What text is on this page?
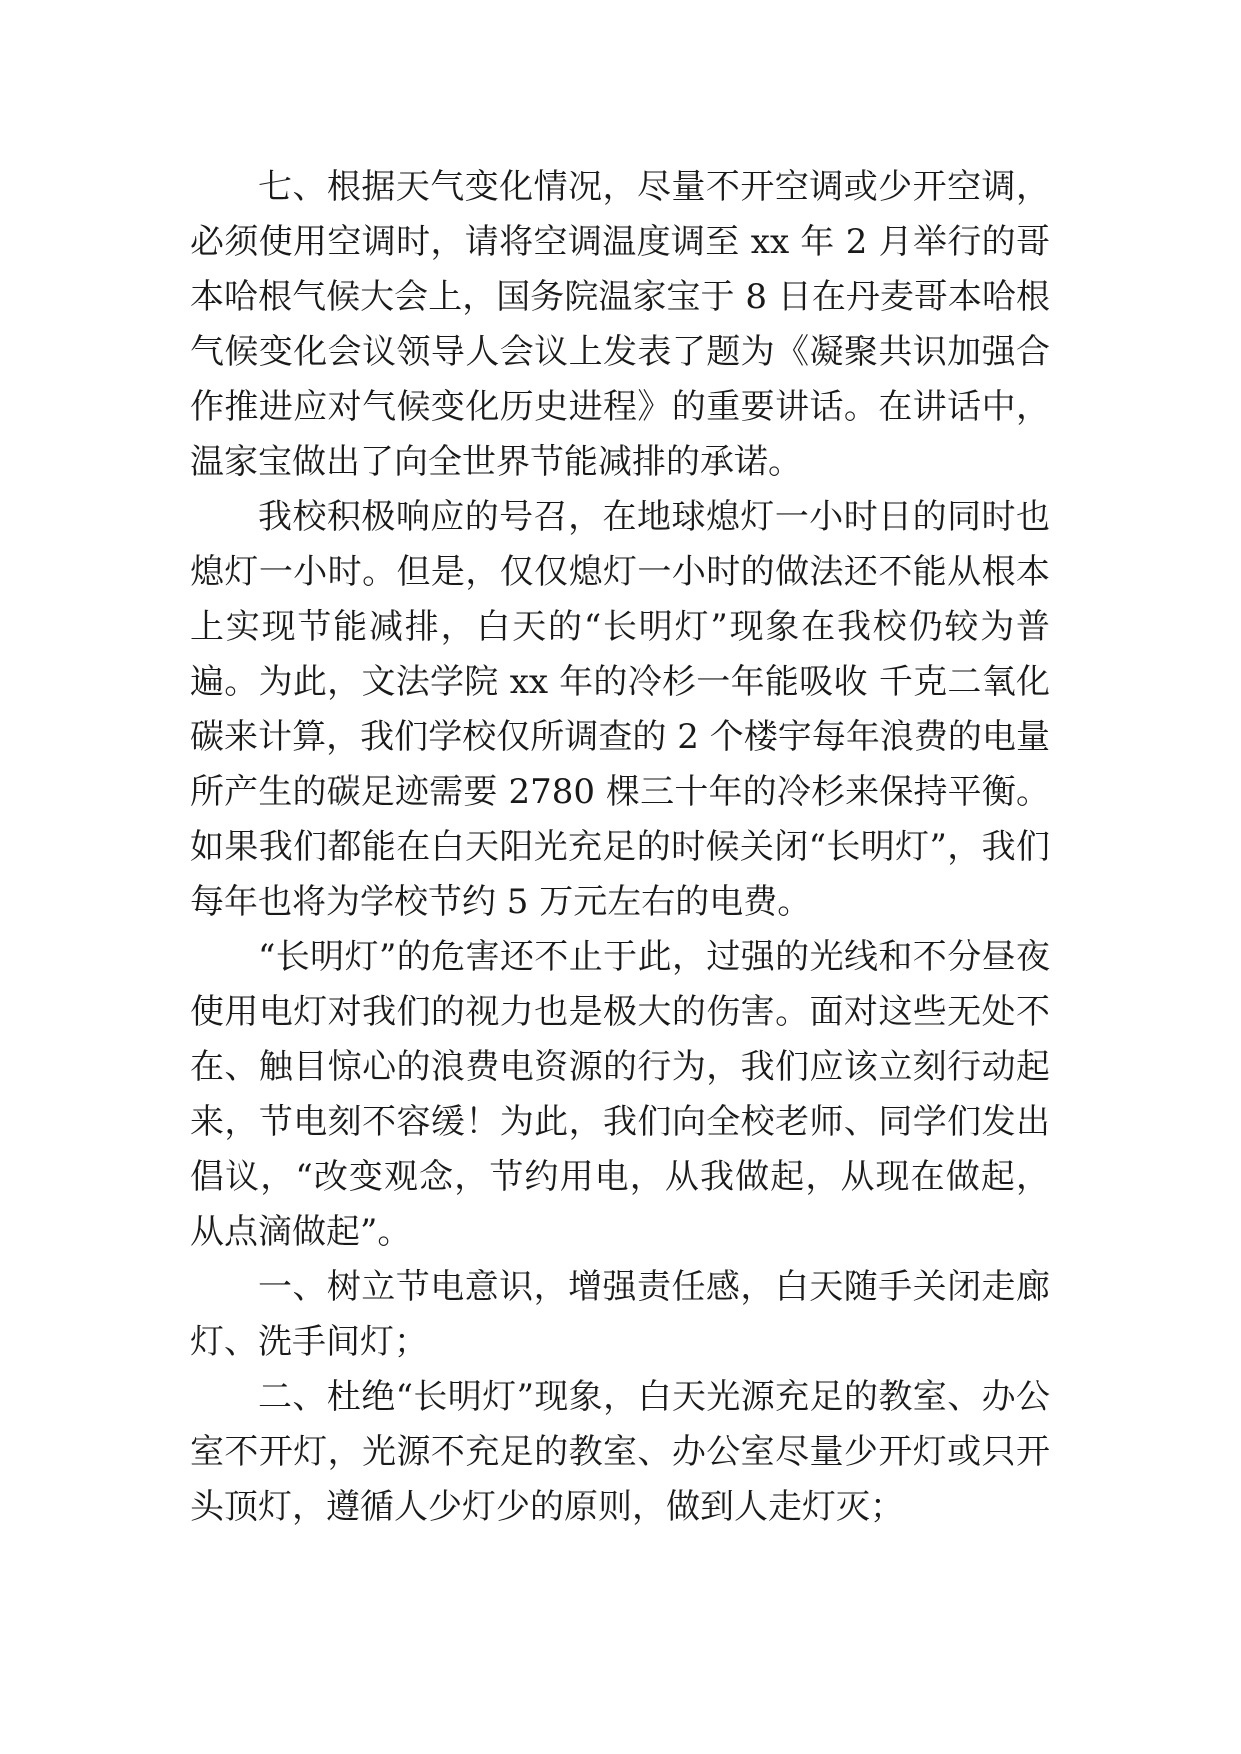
七、根据天气变化情况，尽量不开空调或少开空调，必须使用空调时，请将空调温度调至 xx 年 2 月举行的哥本哈根气候大会上，国务院温家宝于 8 日在丹麦哥本哈根气候变化会议领导人会议上发表了题为《凝聚共识加强合作推进应对气候变化历史进程》的重要讲话。在讲话中，温家宝做出了向全世界节能减排的承诺。

我校积极响应的号召，在地球熄灯一小时日的同时也熄灯一小时。但是，仅仅熄灯一小时的做法还不能从根本上实现节能减排，白天的“长明灯”现象在我校仍较为普遍。为此，文法学院 xx 年的冷杉一年能吸收 千克二氧化碳来计算，我们学校仅所调查的 2 个楼宇每年浪费的电量所产生的碳足迹需要 2780 棵三十年的冷杉来保持平衡。如果我们都能在白天阳光充足的时候关闭“长明灯”，我们每年也将为学校节约 5 万元左右的电费。

“长明灯”的危害还不止于此，过强的光线和不分昼夜使用电灯对我们的视力也是极大的伤害。面对这些无处不在、触目惊心的浪费电资源的行为，我们应该立刻行动起来，节电刻不容缓！为此，我们向全校老师、同学们发出倡议，“改变观念，节约用电，从我做起，从现在做起，从点滴做起”。

一、树立节电意识，增强责任感，白天随手关闭走廊灯、洗手间灯；

二、杜绝“长明灯”现象，白天光源充足的教室、办公室不开灯，光源不充足的教室、办公室尽量少开灯或只开头顶灯，遵循人少灯少的原则，做到人走灯灭；
